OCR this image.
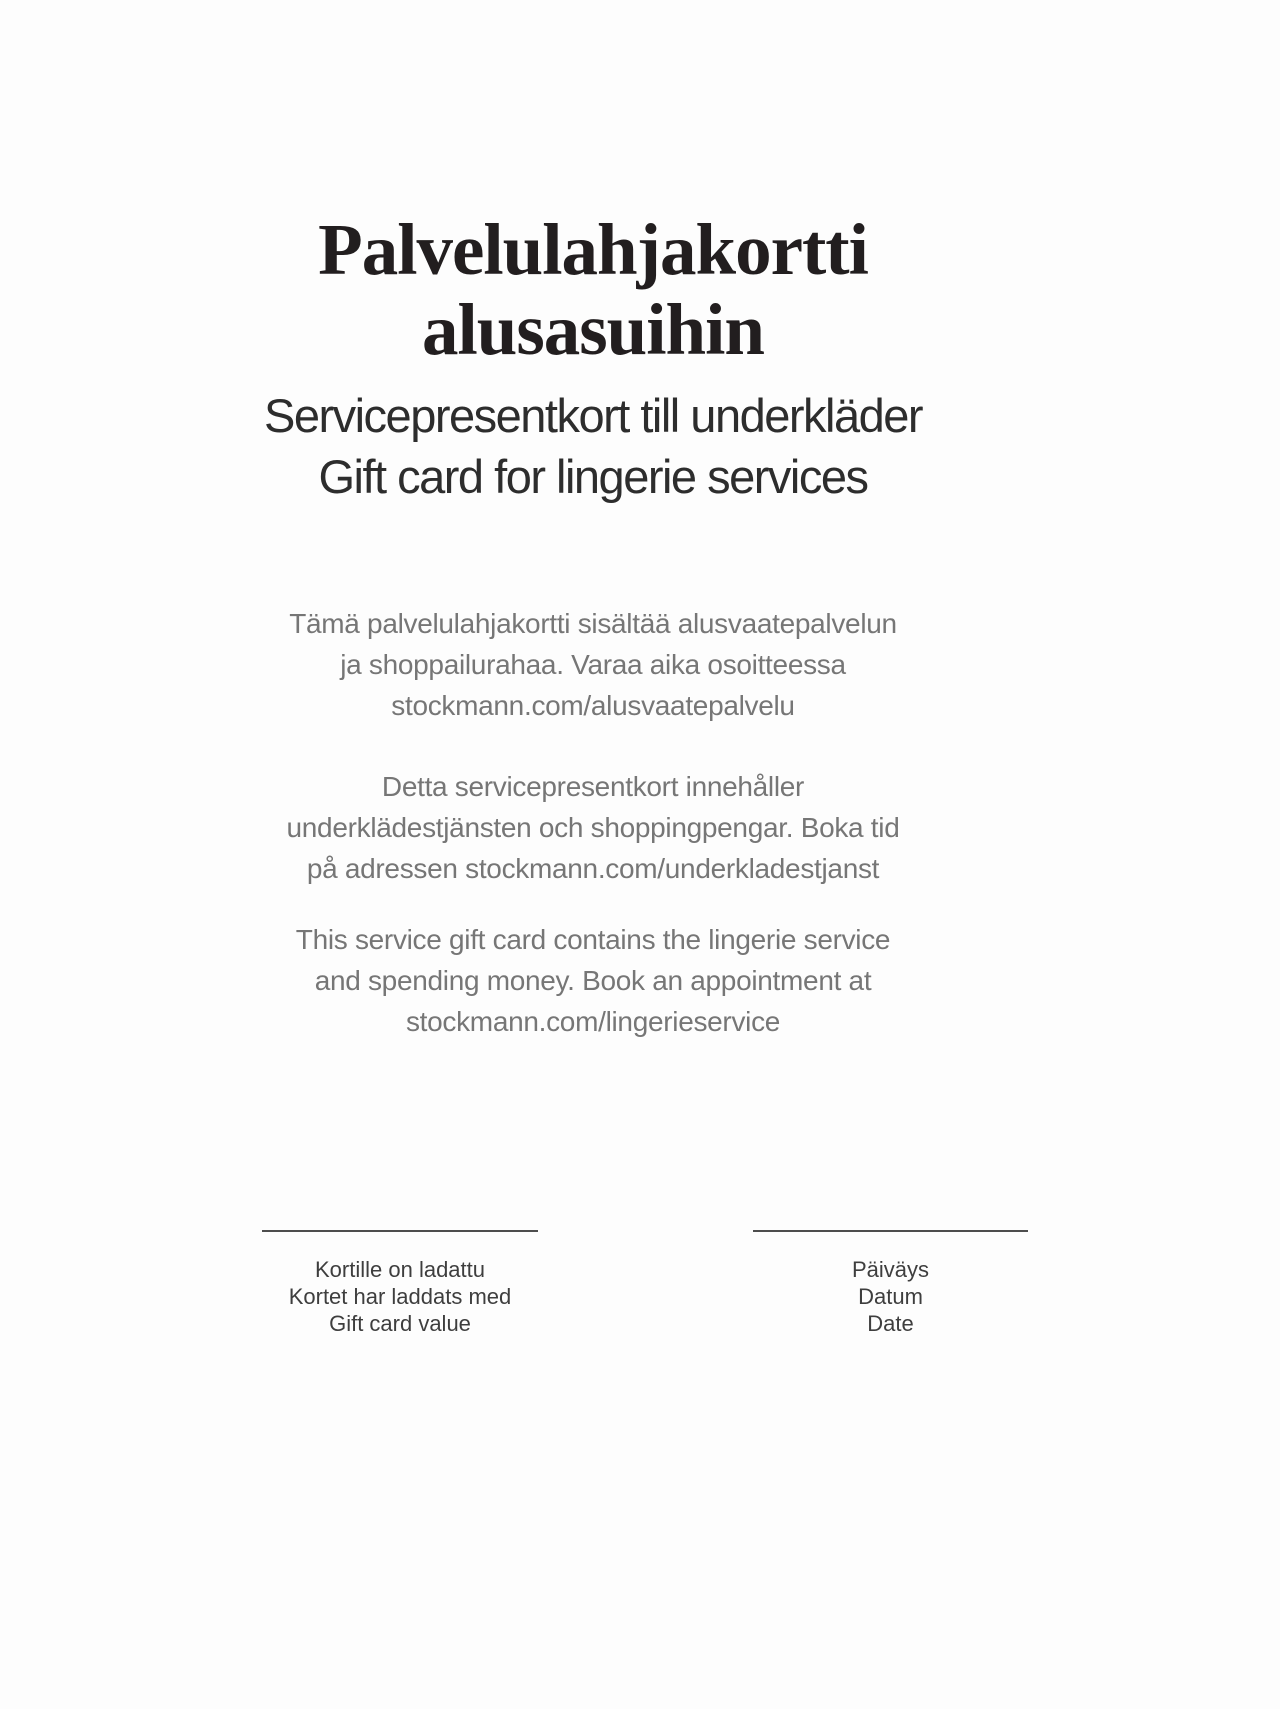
Palvelulahjakortti
alusasuihin
Servicepresentkort till underkläder
Gift card for lingerie services
Tämä palvelulahjakortti sisältää alusvaatepalvelun
ja shoppailurahaa. Varaa aika osoitteessa
stockmann.com/alusvaatepalvelu
Detta servicepresentkort innehåller
underklädestjänsten och shoppingpengar. Boka tid
på adressen stockmann.com/underkladestjanst
This service gift card contains the lingerie service
and spending money. Book an appointment at
stockmann.com/lingerieservice
Kortille on ladattu
Kortet har laddats med
Gift card value
Päiväys
Datum
Date
